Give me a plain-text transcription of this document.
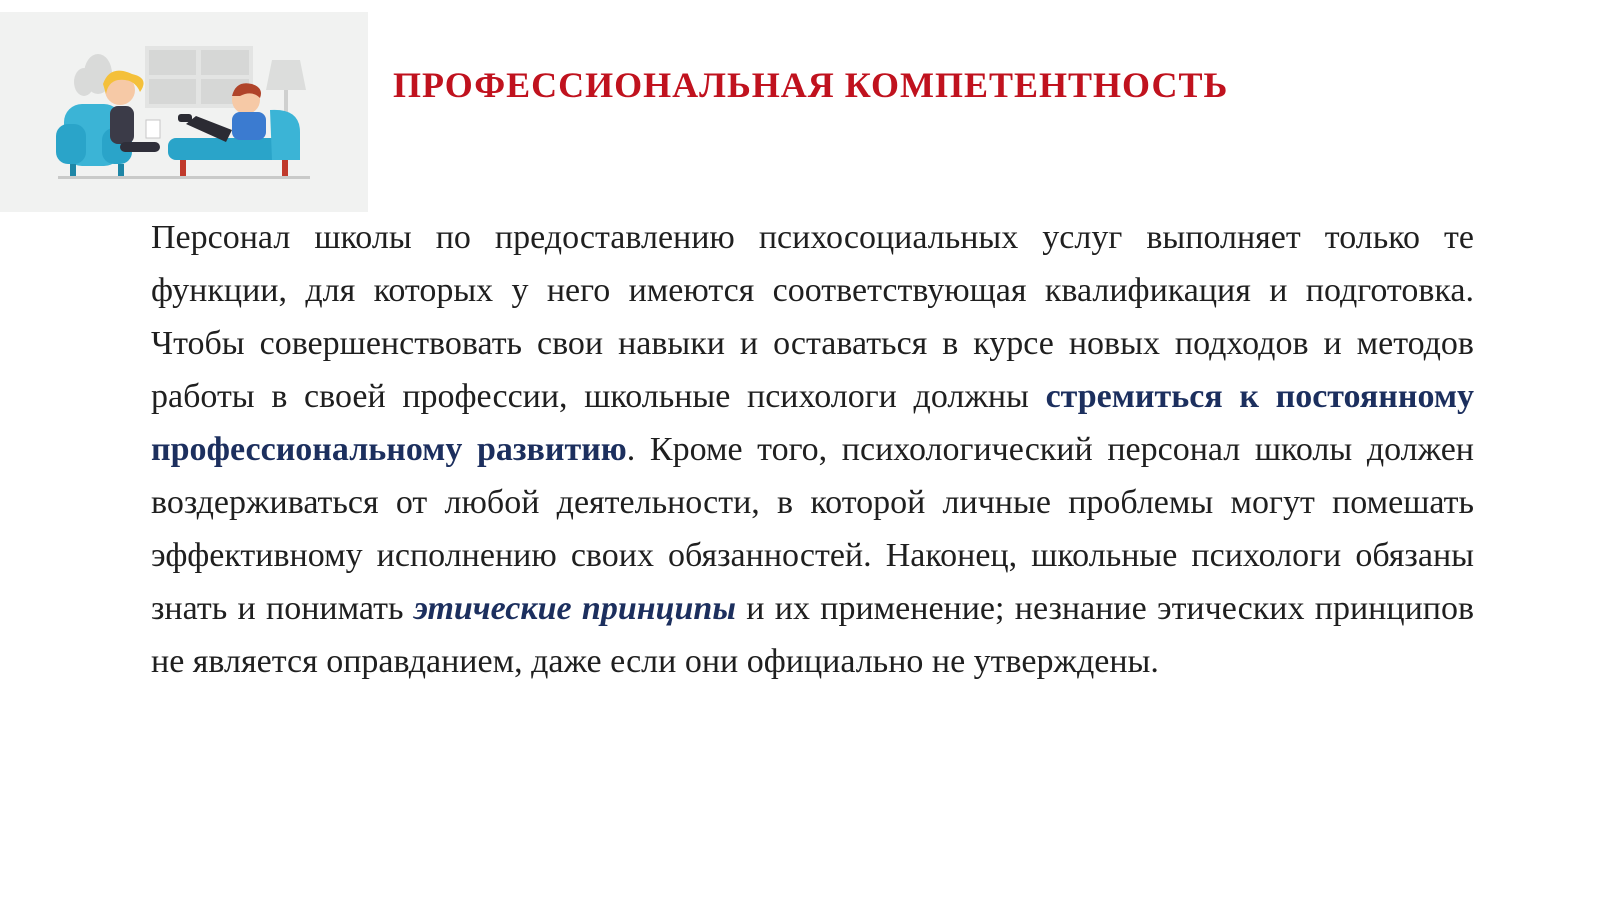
ПРОФЕССИОНАЛЬНАЯ КОМПЕТЕНТНОСТЬ

Персонал школы по предоставлению психосоциальных услуг выполняет только те функции, для которых у него имеются соответствующая квалификация и подготовка. Чтобы совершенствовать свои навыки и оставаться в курсе новых подходов и методов работы в своей профессии, школьные психологи должны стремиться к постоянному профессиональному развитию. Кроме того, психологический персонал школы должен воздерживаться от любой деятельности, в которой личные проблемы могут помешать эффективному исполнению своих обязанностей. Наконец, школьные психологи обязаны знать и понимать этические принципы и их применение; незнание этических принципов не является оправданием, даже если они официально не утверждены.
